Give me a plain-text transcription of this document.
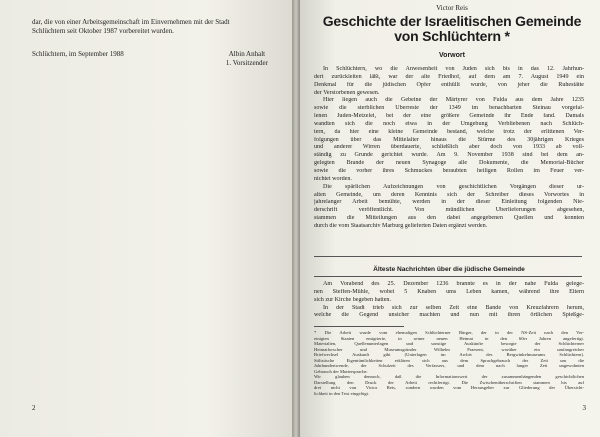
dar, die von einer Arbeitsgemeinschaft im Einvernehmen mit der Stadt
Schlüchtern seit Oktober 1987 vorbereitet wurden.
Schlüchtern, im September 1988	Albin Anhalt
1. Vorsitzender
2
Victor Reis
Geschichte der Israelitischen Gemeinde
von Schlüchtern *
Vorwort
In Schlüchtern, wo die Anwesenheit von Juden sich bis in das 12. Jahrhun-
dert zurückleiten läßt, war der alte Friedhof, auf dem am 7. August 1949 ein
Denkmal für die jüdischen Opfer enthüllt wurde, von jeher die Ruhestätte
der Verstorbenen gewesen.
Hier liegen auch die Gebeine der Märtyrer von Fulda aus dem Jahre 1235
sowie die sterblichen Überreste der 1349 im benachbarten Steinau vorgefal-
lenen Juden-Metzelei, bei der eine größere Gemeinde ihr Ende fand. Damals
wandten sich die noch etwa in der Umgebung Verbliebenen nach Schlüch-
tern, da hier eine kleine Gemeinde bestand, welche trotz der erlittenen Ver-
folgungen über das Mittelalter hinaus die Stürme des 30jährigen Krieges
und anderer Wirren überdauerte, schließlich aber doch von 1933 ab voll-
ständig zu Grunde gerichtet wurde. Am 9. November 1938 sind bei dem an-
gelegten Brande der neuen Synagoge alle Dokumente, die Memorial-Bücher
sowie die vorher ihres Schmuckes beraubten heiligen Rollen im Feuer ver-
nichtet worden.
Die spärlichen Aufzeichnungen von geschichtlichen Vorgängen dieser ur-
alten Gemeinde, um deren Kenntnis sich der Schreiber dieses Vorwortes in
jahrelanger Arbeit bemühte, werden in der dieser Einleitung folgenden Nie-
derschrift veröffentlicht. Von mündlichen Überlieferungen abgesehen,
stammen die Mitteilungen aus den dabei angegebenen Quellen und konnten
durch die vom Staatsarchiv Marburg gelieferten Daten ergänzt werden.
Älteste Nachrichten über die jüdische Gemeinde
Am Vorabend des 25. Dezember 1236 brannte es in der nahe Fulda gelege-
nen Steffen-Mühle, wobei 5 Knaben ums Leben kamen, während ihre Eltern
sich zur Kirche begeben hatten.
In der Stadt trieb sich zur selben Zeit eine Bande von Kreuzfahrern herum,
welche die Gegend unsicher machten und nun mit ihren örtlichen Spießge-
* Die Arbeit wurde vom ehemaligen Schlüchterner Bürger, der in der NS-Zeit nach den Ver-
einigten Staaten emigrierte, in seiner neuen Heimat in den 60er Jahren angefertigt.
Materialien, Quellenunterlagen und sonstige Auskünfte besorgte der Schlüchterner
Heimatforscher und Museumsgründer Wilhelm Praesent, worüber ein umfangreicher
Briefwechsel Auskunft gibt (Unterlagen im Archiv des Bergwinkelmuseums Schlüchtern).
Stilistische Eigentümlichkeiten erklären sich aus dem Sprachgebrauch der Zeit um die
Jahrhundertwende, der Schulzeit des Verfassers, und dem nach langer Zeit ungewohnten
Gebrauch der Muttersprache.
Wir glauben dennoch, daß die Informationswert der zusammenhängenden geschichtlichen
Darstellung den Druck der Arbeit rechtfertigt. Die Zwischenüberschriften stammen bis auf
drei nicht von Victor Reis, sondern wurden vom Herausgeber zur Gliederung der Übersicht-
lichkeit in den Text eingefügt.
3
